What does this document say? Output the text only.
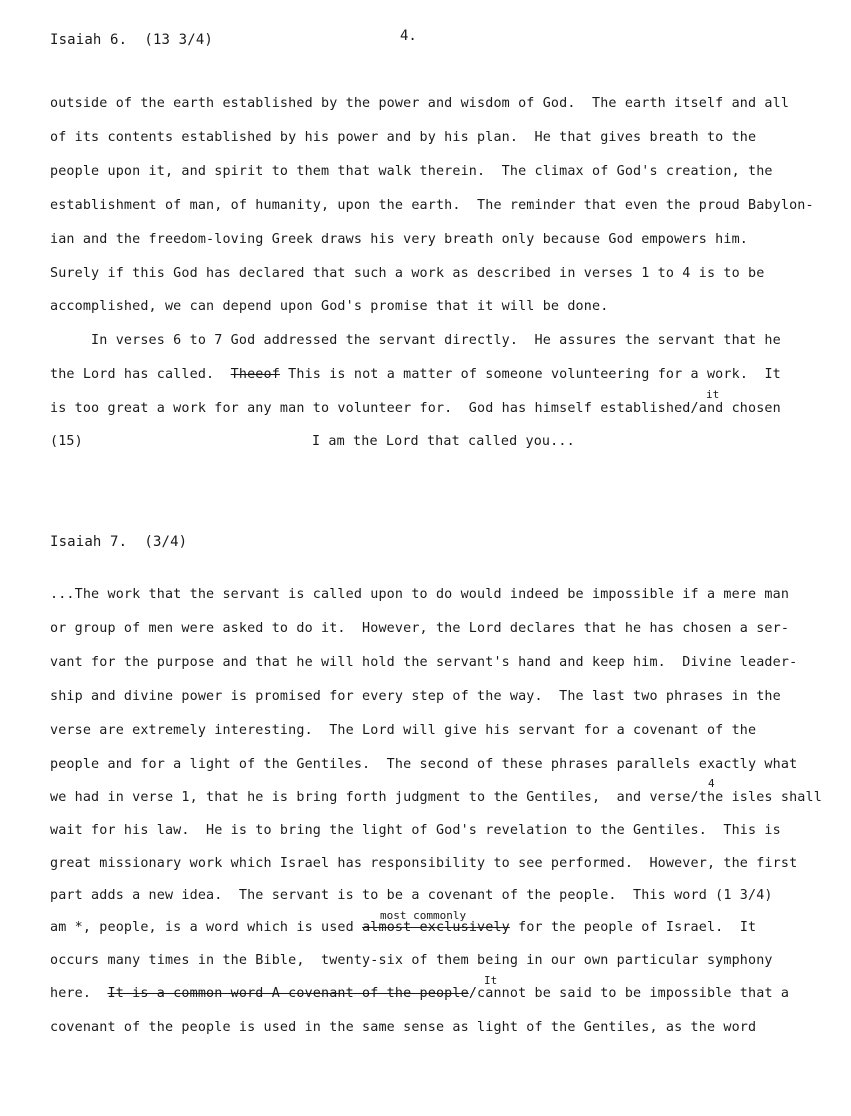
Isaiah 6.  (13 3/4)	4.

outside of the earth established by the power and wisdom of God.  The earth itself and all

of its contents established by his power and by his plan.  He that gives breath to the

people upon it, and spirit to them that walk therein.  The climax of God's creation, the

establishment of man, of humanity, upon the earth.  The reminder that even the proud Babylon-

ian and the freedom-loving Greek draws his very breath only because God empowers him.

Surely if this God has declared that such a work as described in verses 1 to 4 is to be

accomplished, we can depend upon God's promise that it will be done.

In verses 6 to 7 God addressed the servant directly.  He assures the servant that he

the Lord has called.  Theeof This is not a matter of someone volunteering for a work.  It

it

is too great a work for any man to volunteer for.  God has himself established/and chosen

(15)	I am the Lord that called you...

Isaiah 7.  (3/4)

...The work that the servant is called upon to do would indeed be impossible if a mere man

or group of men were asked to do it.  However, the Lord declares that he has chosen a ser-

vant for the purpose and that he will hold the servant's hand and keep him.  Divine leader-

ship and divine power is promised for every step of the way.  The last two phrases in the

verse are extremely interesting.  The Lord will give his servant for a covenant of the

people and for a light of the Gentiles.  The second of these phrases parallels exactly what

4

we had in verse 1, that he is bring forth judgment to the Gentiles,  and verse/the isles shall

wait for his law.  He is to bring the light of God's revelation to the Gentiles.  This is

great missionary work which Israel has responsibility to see performed.  However, the first

part adds a new idea.  The servant is to be a covenant of the people.  This word (1 3/4)

most commonly

am *, people, is a word which is used almost exclusively for the people of Israel.  It

occurs many times in the Bible,  twenty-six of them being in our own particular symphony

It

here.  It is a common word A covenant of the people/cannot be said to be impossible that a

covenant of the people is used in the same sense as light of the Gentiles, as the word
